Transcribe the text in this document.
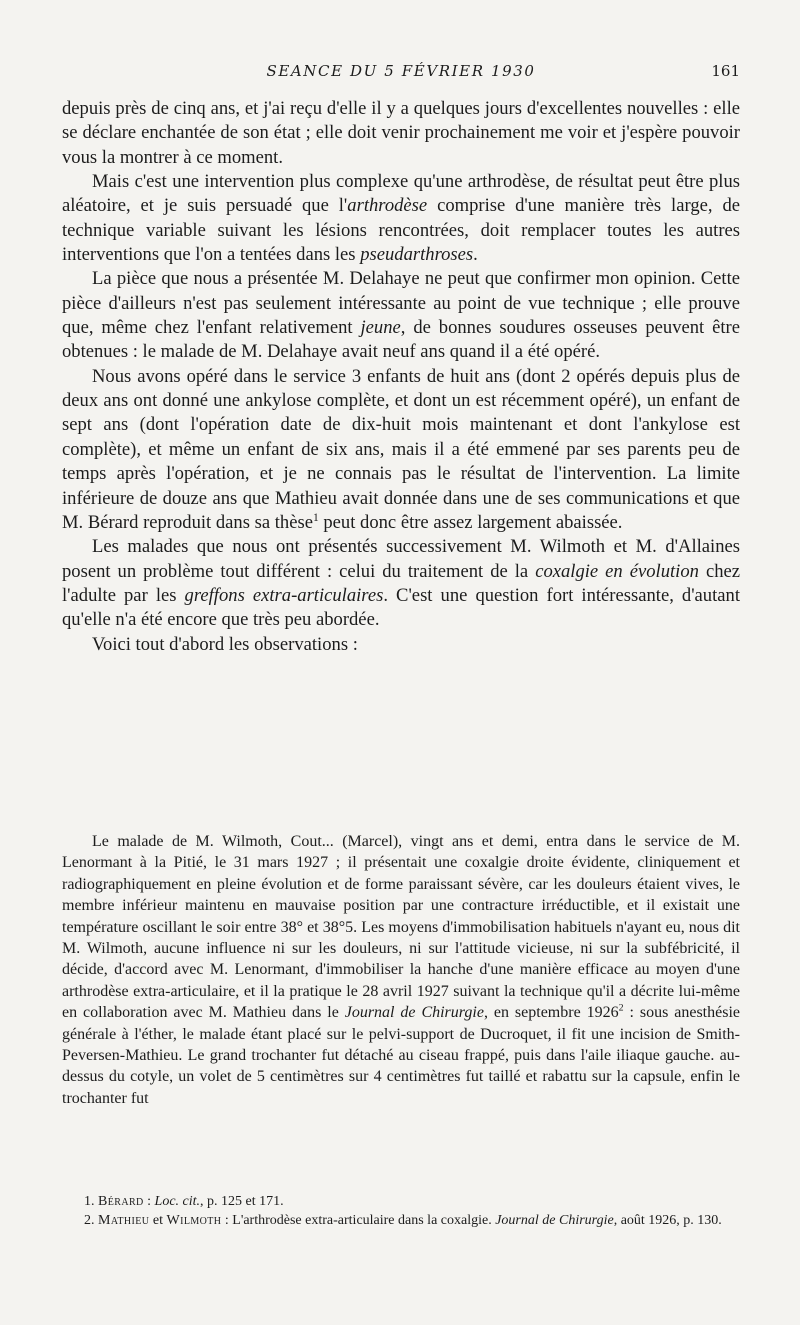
SEANCE DU 5 FÉVRIER 1930	161

depuis près de cinq ans, et j'ai reçu d'elle il y a quelques jours d'excellentes nouvelles : elle se déclare enchantée de son état ; elle doit venir prochainement me voir et j'espère pouvoir vous la montrer à ce moment.

Mais c'est une intervention plus complexe qu'une arthrodèse, de résultat peut être plus aléatoire, et je suis persuadé que l'arthrodèse comprise d'une manière très large, de technique variable suivant les lésions rencontrées, doit remplacer toutes les autres interventions que l'on a tentées dans les pseudarthroses.

La pièce que nous a présentée M. Delahaye ne peut que confirmer mon opinion. Cette pièce d'ailleurs n'est pas seulement intéressante au point de vue technique ; elle prouve que, même chez l'enfant relativement jeune, de bonnes soudures osseuses peuvent être obtenues : le malade de M. Delahaye avait neuf ans quand il a été opéré.

Nous avons opéré dans le service 3 enfants de huit ans (dont 2 opérés depuis plus de deux ans ont donné une ankylose complète, et dont un est récemment opéré), un enfant de sept ans (dont l'opération date de dix-huit mois maintenant et dont l'ankylose est complète), et même un enfant de six ans, mais il a été emmené par ses parents peu de temps après l'opération, et je ne connais pas le résultat de l'intervention. La limite inférieure de douze ans que Mathieu avait donnée dans une de ses communications et que M. Bérard reproduit dans sa thèse$^1$ peut donc être assez largement abaissée.

Les malades que nous ont présentés successivement M. Wilmoth et M. d'Allaines posent un problème tout différent : celui du traitement de la coxalgie en évolution chez l'adulte par les greffons extra-articulaires. C'est une question fort intéressante, d'autant qu'elle n'a été encore que très peu abordée.

Voici tout d'abord les observations :

Le malade de M. Wilmoth, Cout... (Marcel), vingt ans et demi, entra dans le service de M. Lenormant à la Pitié, le 31 mars 1927 ; il présentait une coxalgie droite évidente, cliniquement et radiographiquement en pleine évolution et de forme paraissant sévère, car les douleurs étaient vives, le membre inférieur maintenu en mauvaise position par une contracture irréductible, et il existait une température oscillant le soir entre 38° et 38°5. Les moyens d'immobilisation habituels n'ayant eu, nous dit M. Wilmoth, aucune influence ni sur les douleurs, ni sur l'attitude vicieuse, ni sur la subfébricité, il décide, d'accord avec M. Lenormant, d'immobiliser la hanche d'une manière efficace au moyen d'une arthrodèse extra-articulaire, et il la pratique le 28 avril 1927 suivant la technique qu'il a décrite lui-même en collaboration avec M. Mathieu dans le Journal de Chirurgie, en septembre 1926$^2$ : sous anesthésie générale à l'éther, le malade étant placé sur le pelvi-support de Ducroquet, il fit une incision de Smith-Peversen-Mathieu. Le grand trochanter fut détaché au ciseau frappé, puis dans l'aile iliaque gauche. au-dessus du cotyle, un volet de 5 centimètres sur 4 centimètres fut taillé et rabattu sur la capsule, enfin le trochanter fut

1. Bérard : Loc. cit., p. 125 et 171.

2. Mathieu et Wilmoth : L'arthrodèse extra-articulaire dans la coxalgie. Journal de Chirurgie, août 1926, p. 130.
